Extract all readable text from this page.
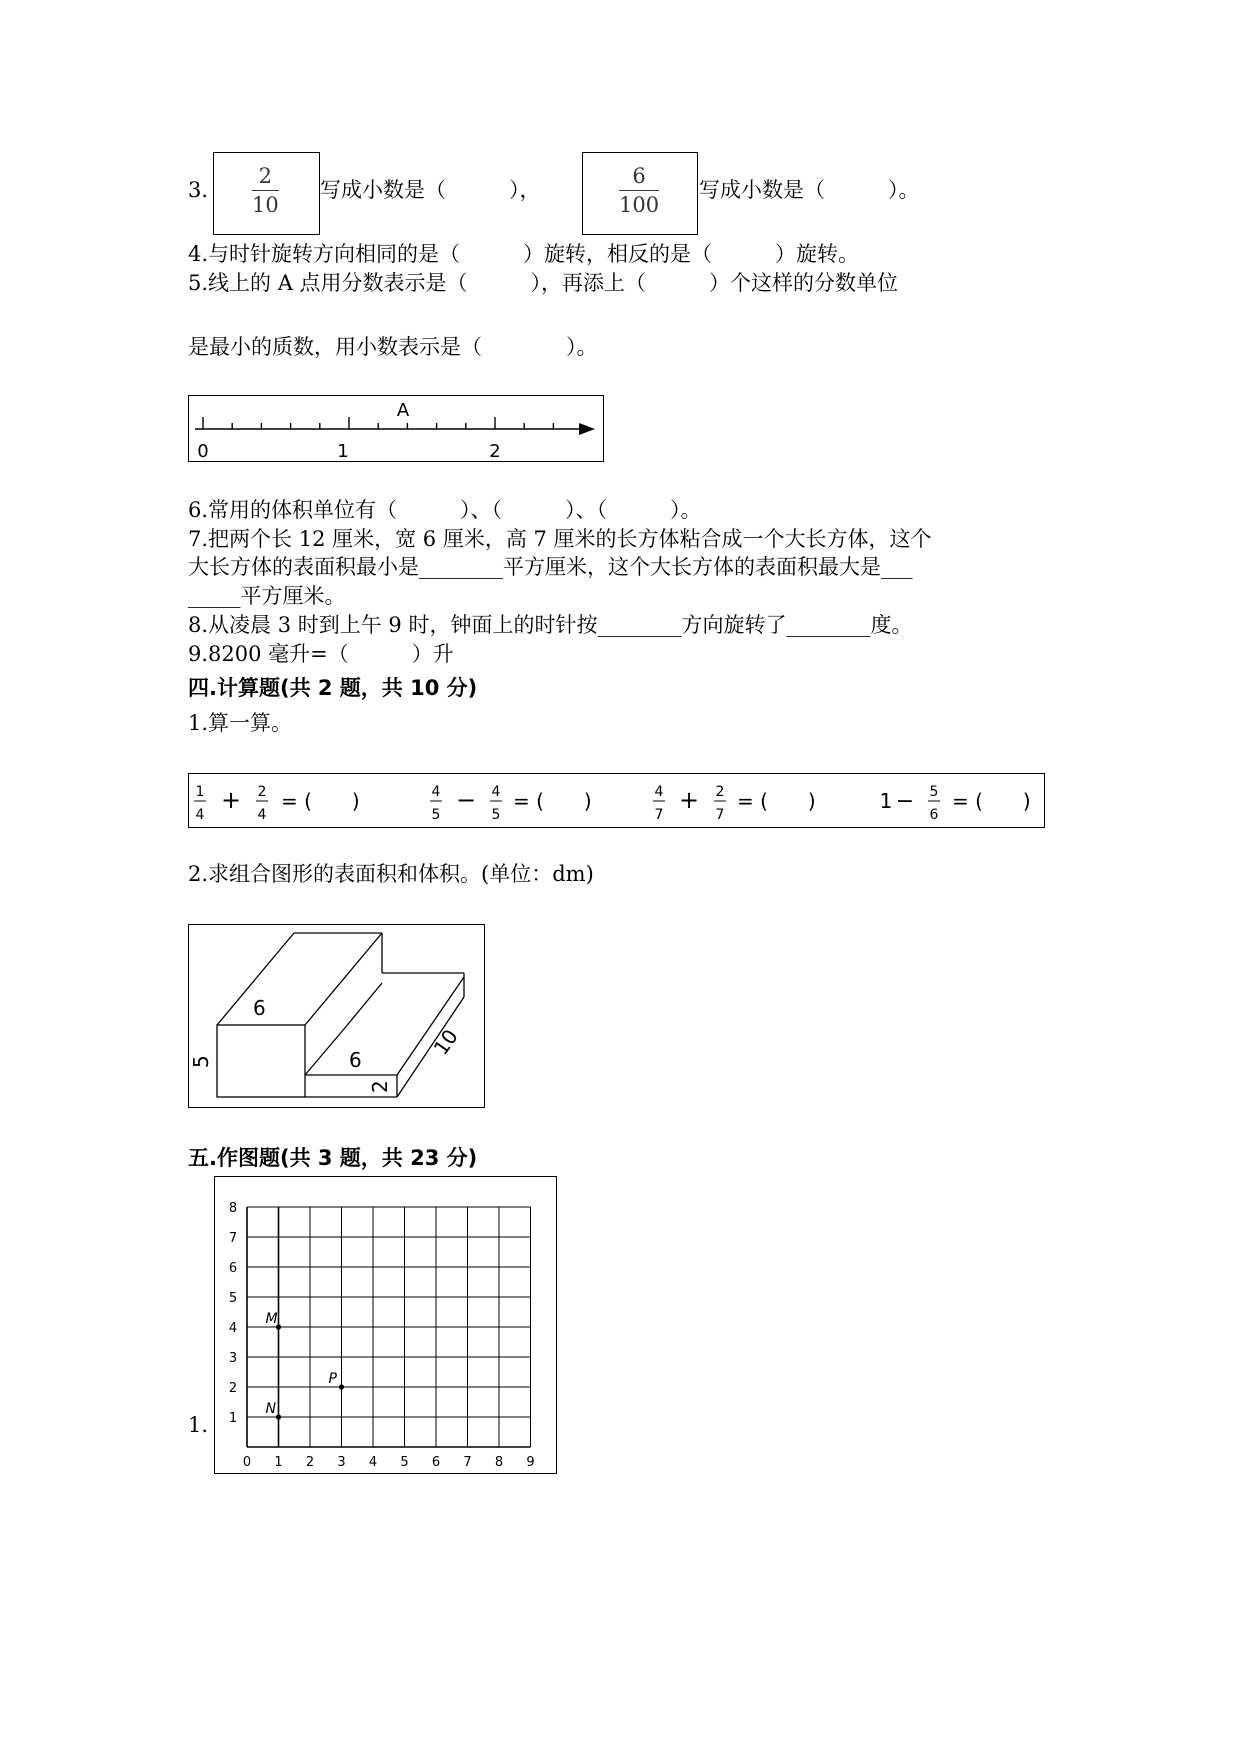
3.
2
10
写成小数是（　　　），
6
100
写成小数是（　　　）。
4.与时针旋转方向相同的是（　　　）旋转，相反的是（　　　）旋转。
5.线上的 A 点用分数表示是（　　　），再添上（　　　）个这样的分数单位
是最小的质数，用小数表示是（　　　　）。
0	1	2
A
6.常用的体积单位有（　　　）、（　　　）、（　　　）。
7.把两个长 12 厘米，宽 6 厘米，高 7 厘米的长方体粘合成一个大长方体，这个
大长方体的表面积最小是________平方厘米，这个大长方体的表面积最大是___
_____平方厘米。
8.从凌晨 3 时到上午 9 时，钟面上的时针按________方向旋转了________度。
9.8200 毫升=（　　　）升
四.计算题(共 2 题，共 10 分)
1.算一算。
1
4
+ 2
4
= (　　)	4
5
− 4
5
= (　　)	4
7
+ 2
7
= (　　)	1 − 5
6
= (　　)
2.求组合图形的表面积和体积。(单位：dm)
6
5	6
2
10
五.作图题(共 3 题，共 23 分)
1.
0 1 2 3 4 5 6 7 8 9
1
2
3
4
5
6
7
8
M
P
N
